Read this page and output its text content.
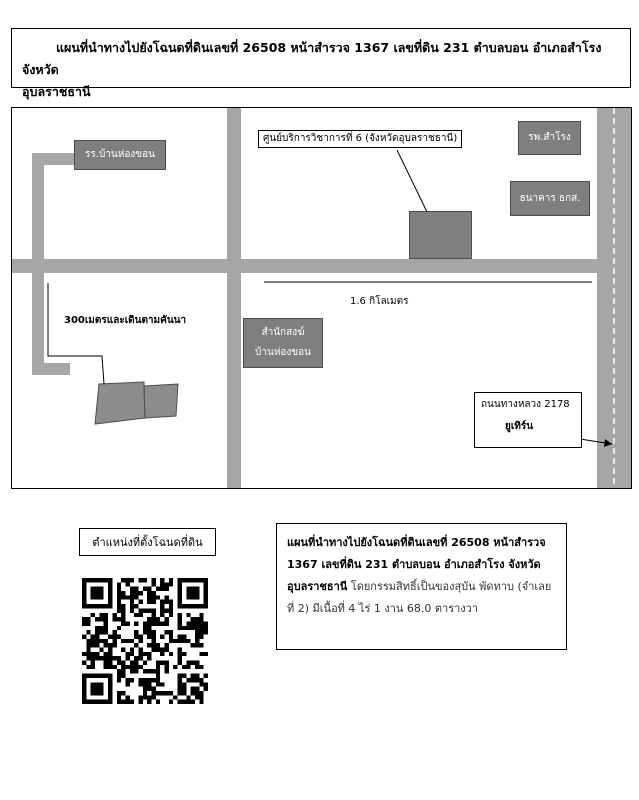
แผนที่นำทางไปยังโฉนดที่ดินเลขที่ 26508 หน้าสำรวจ 1367 เลขที่ดิน 231 ตำบลบอน อำเภอสำโรง จังหวัด
อุบลราชธานี
รร.บ้านห่องขอน
รพ.สำโรง
ธนาคาร ธกส.
สำนักสงฆ์
บ้านห่องขอน
ศูนย์บริการวิชาการที่ 6 (จังหวัดอุบลราชธานี)
300เมตรและเดินตามคันนา
1.6 กิโลเมตร
ถนนทางหลวง 2178
ยูเทิร์น
ตำแหน่งที่ตั้งโฉนดที่ดิน	แผนที่นำทางไปยังโฉนดที่ดินเลขที่ 26508 หน้าสำรวจ 1367 เลขที่ดิน 231 ตำบลบอน อำเภอสำโรง จังหวัดอุบลราชธานี โดยกรรมสิทธิ์เป็นของสุบัน พัดทาบ (จำเลยที่ 2) มีเนื้อที่ 4 ไร่ 1 งาน 68.0 ตารางวา
